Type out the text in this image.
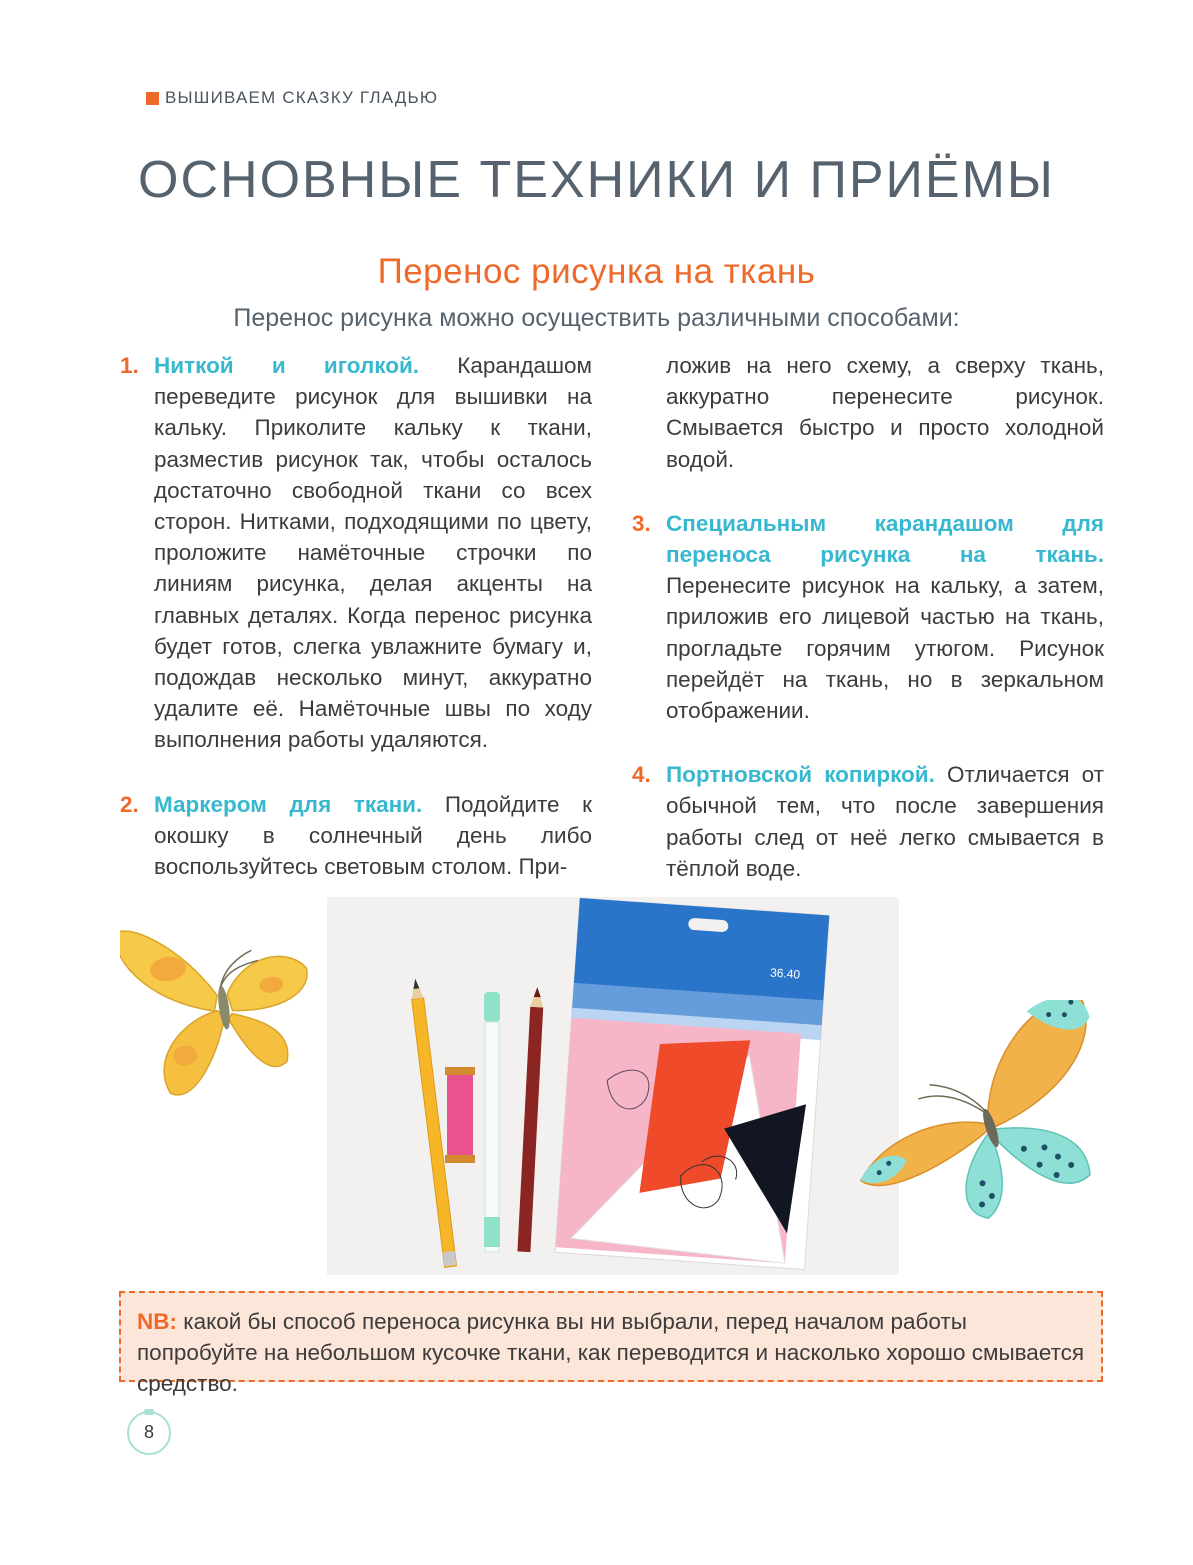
ВЫШИВАЕМ СКАЗКУ ГЛАДЬЮ
ОСНОВНЫЕ ТЕХНИКИ И ПРИЁМЫ
Перенос рисунка на ткань
Перенос рисунка можно осуществить различными способами:

1. Ниткой и иголкой. Карандашом переведите рисунок для вышивки на кальку. Приколите кальку к ткани, разместив рисунок так, чтобы осталось достаточно свободной ткани со всех сторон. Нитками, подходящими по цвету, проложите намёточные строчки по линиям рисунка, делая акценты на главных деталях. Когда перенос рисунка будет готов, слегка увлажните бумагу и, подождав несколько минут, аккуратно удалите её. Намёточные швы по ходу выполнения работы удаляются.

2. Маркером для ткани. Подойдите к окошку в солнечный день либо воспользуйтесь световым столом. При-

ложив на него схему, а сверху ткань, аккуратно перенесите рисунок. Смывается быстро и просто холодной водой.

3. Специальным карандашом для переноса рисунка на ткань. Перенесите рисунок на кальку, а затем, приложив его лицевой частью на ткань, прогладьте горячим утюгом. Рисунок перейдёт на ткань, но в зеркальном отображении.

4. Портновской копиркой. Отличается от обычной тем, что после завершения работы след от неё легко смывается в тёплой воде.

36.40
NB: какой бы способ переноса рисунка вы ни выбрали, перед началом работы попробуйте на небольшом кусочке ткани, как переводится и насколько хорошо смывается средство.
8
